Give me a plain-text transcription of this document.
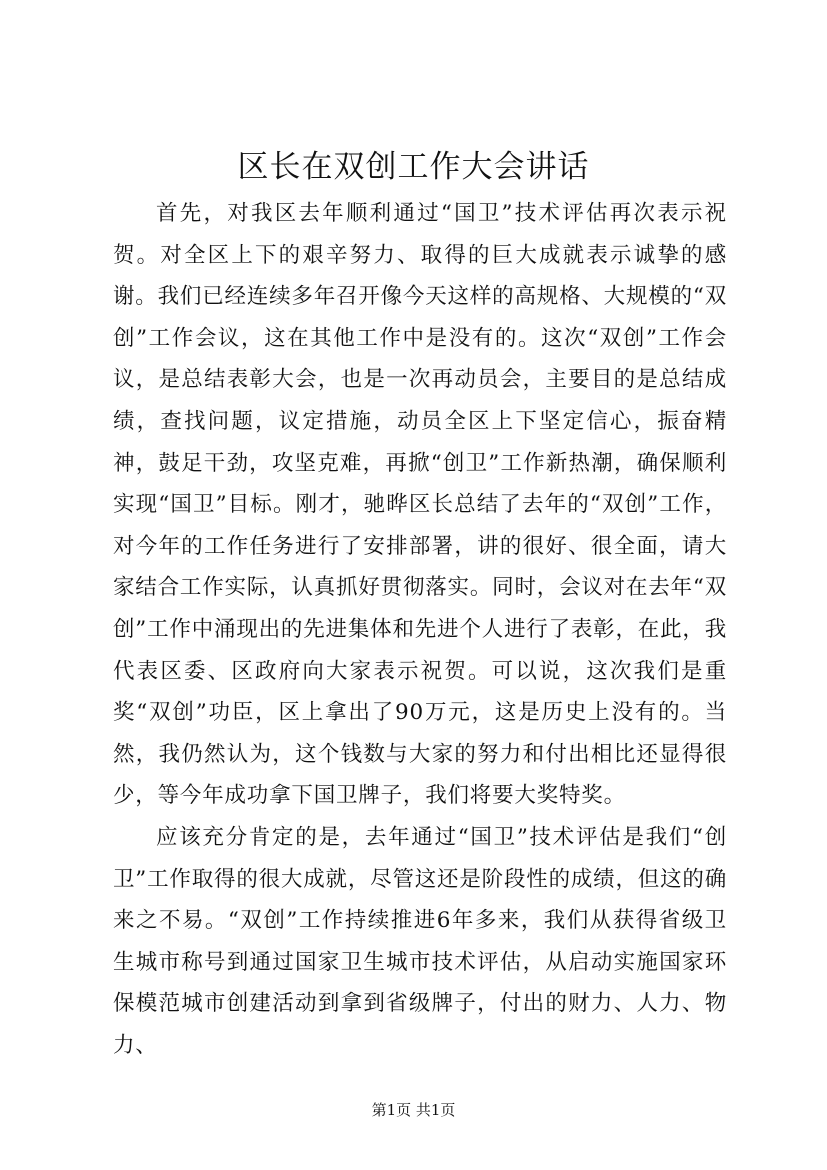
区长在双创工作大会讲话

首先，对我区去年顺利通过“国卫”技术评估再次表示祝贺。对全区上下的艰辛努力、取得的巨大成就表示诚挚的感谢。我们已经连续多年召开像今天这样的高规格、大规模的“双创”工作会议，这在其他工作中是没有的。这次“双创”工作会议，是总结表彰大会，也是一次再动员会，主要目的是总结成绩，查找问题，议定措施，动员全区上下坚定信心，振奋精神，鼓足干劲，攻坚克难，再掀“创卫”工作新热潮，确保顺利实现“国卫”目标。刚才，驰晔区长总结了去年的“双创”工作，对今年的工作任务进行了安排部署，讲的很好、很全面，请大家结合工作实际，认真抓好贯彻落实。同时，会议对在去年“双创”工作中涌现出的先进集体和先进个人进行了表彰，在此，我代表区委、区政府向大家表示祝贺。可以说，这次我们是重奖“双创”功臣，区上拿出了90万元，这是历史上没有的。当然，我仍然认为，这个钱数与大家的努力和付出相比还显得很少，等今年成功拿下国卫牌子，我们将要大奖特奖。

应该充分肯定的是，去年通过“国卫”技术评估是我们“创卫”工作取得的很大成就，尽管这还是阶段性的成绩，但这的确来之不易。“双创”工作持续推进6年多来，我们从获得省级卫生城市称号到通过国家卫生城市技术评估，从启动实施国家环保模范城市创建活动到拿到省级牌子，付出的财力、人力、物力、

第1页 共1页
